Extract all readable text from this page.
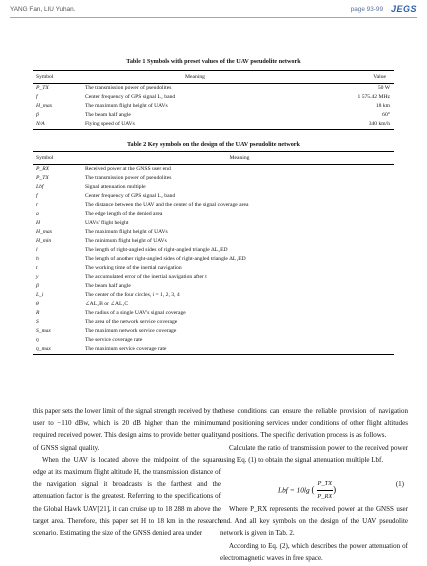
YANG Fan, LIU Yuhan.	page 93-99 JEGS
Table 1 Symbols with preset values of the UAV pseudolite network
Symbol	Meaning	Value
P_TX	The transmission power of pseudolites	50 W
f	Center frequency of GPS signal L₁ band	1 575.42 MHz
H_max	The maximum flight height of UAVs	18 km
β	The beam half angle	60°
N/A	Flying speed of UAVs	340 km/h
Table 2 Key symbols on the design of the UAV pseudolite network
Symbol	Meaning
P_RX	Received power at the GNSS user end
P_TX	The transmission power of pseudolites
Lbf	Signal attenuation multiple
f	Center frequency of GPS signal L₁ band
r	The distance between the UAV and the center of the signal coverage area
a	The edge length of the denied area
H	UAVs' flight height
H_max	The maximum flight height of UAVs
H_min	The minimum flight height of UAVs
l	The length of right-angled sides of right-angled triangle ΔL₁ED
h	The length of another right-angled sides of right-angled triangle ΔL₁ED
t	The working time of the inertial navigation
y	The accumulated error of the inertial navigation after t
β	The beam half angle
L_i	The center of the four circles, i = 1, 2, 3, 4
θ	∠AL₁B or ∠AL₁C
R	The radius of a single UAV's signal coverage
S	The area of the network service coverage
S_max	The maximum network service coverage
η	The service coverage rate
η_max	The maximum service coverage rate

this paper sets the lower limit of the signal strength received by the user to −110 dBw, which is 20 dB higher than the minimum required received power. This design aims to provide better quality of GNSS signal quality.

When the UAV is located above the midpoint of the square edge at its maximum flight altitude H, the transmission distance of the navigation signal it broadcasts is the farthest and the attenuation factor is the greatest. Referring to the specifications of the Global Hawk UAV[21], it can cruise up to 18 288 m above the target area. Therefore, this paper set H to 18 km in the research scenario. Estimating the size of the GNSS denied area under

these conditions can ensure the reliable provision of navigation and positioning services under conditions of other flight altitudes and positions. The specific derivation process is as follows.

Calculate the ratio of transmission power to the received power using Eq. (1) to obtain the signal attenuation multiple Lbf.

Lbf = 10lg ( $\frac{P\_TX}{P\_RX}$ )
(1)

Where P_RX represents the received power at the GNSS user end. And all key symbols on the design of the UAV pseudolite network is given in Tab. 2.

According to Eq. (2), which describes the power attenuation of electromagnetic waves in free space.
